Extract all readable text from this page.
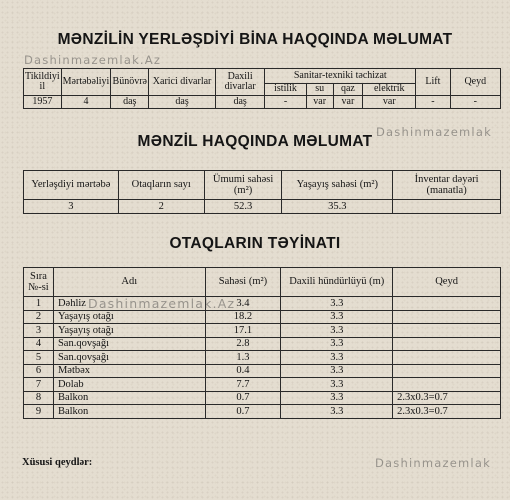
MƏNZİLİN YERLƏŞDİYİ BİNA HAQQINDA MƏLUMAT
Tikildiyi il	Mərtəbəliyi	Bünövrə	Xarici divarlar	Daxili divarlar	Sanitar-texniki təchizat				Lift	Qeyd
					istilik	su	qaz	elektrik		
1957	4	daş	daş	daş	-	var	var	var	-	-
MƏNZİL HAQQINDA MƏLUMAT
Yerləşdiyi mərtəbə	Otaqların sayı	Ümumi sahəsi (m²)	Yaşayış sahəsi (m²)	İnventar dəyəri (manatla)
3	2	52.3	35.3	
OTAQLARIN TƏYİNATI
Sıra №-si	Adı	Sahəsi (m²)	Daxili hündürlüyü (m)	Qeyd
1	Dəhliz	3.4	3.3	
2	Yaşayış otağı	18.2	3.3	
3	Yaşayış otağı	17.1	3.3	
4	San.qovşağı	2.8	3.3	
5	San.qovşağı	1.3	3.3	
6	Mətbəx	0.4	3.3	
7	Dolab	7.7	3.3	
8	Balkon	0.7	3.3	2.3x0.3=0.7
9	Balkon	0.7	3.3	2.3x0.3=0.7
Xüsusi qeydlər:
Dashinmazemlak.Az
Dashinmazemlak
Dashinmazemlak.Az
Dashinmazemlak
